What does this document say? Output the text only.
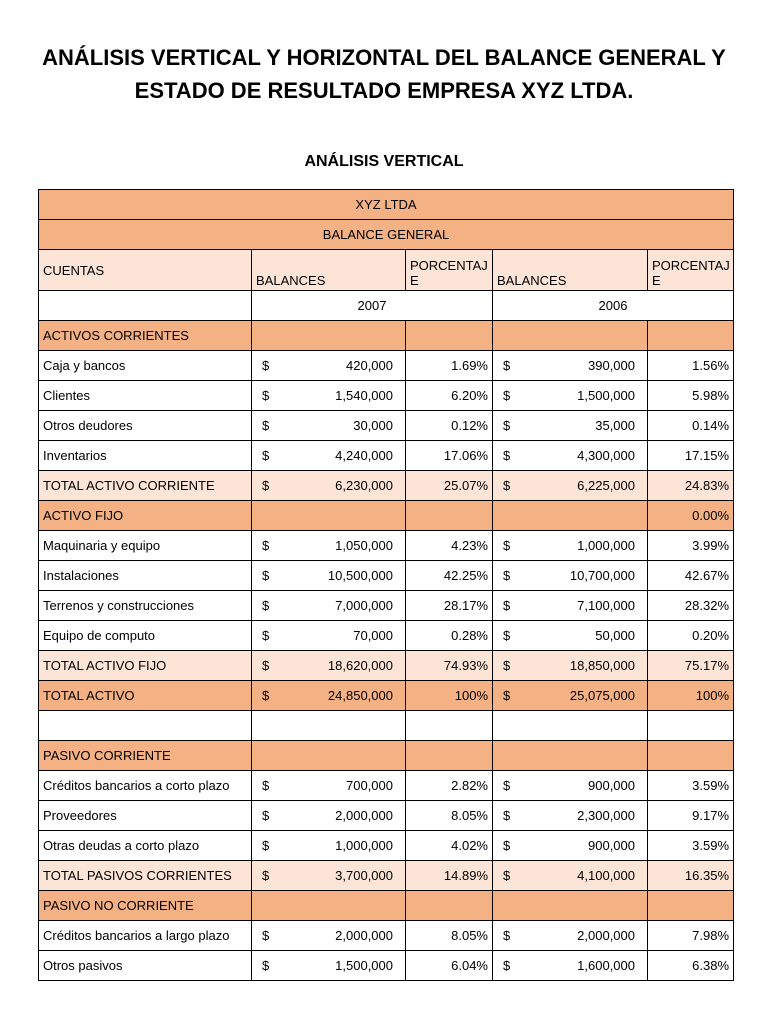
ANÁLISIS VERTICAL Y HORIZONTAL DEL BALANCE GENERAL Y ESTADO DE RESULTADO EMPRESA XYZ LTDA.
ANÁLISIS VERTICAL
XYZ LTDA				
BALANCE GENERAL				
CUENTAS	BALANCES	PORCENTAJ E	BALANCES	PORCENTAJ E
	2007		2006	
ACTIVOS CORRIENTES	

Caja y bancos	$ 420,000	1.69%	$ 390,000	1.56%
Clientes	$ 1,540,000	6.20%	$ 1,500,000	5.98%
Otros deudores	$ 30,000	0.12%	$ 35,000	0.14%
Inventarios	$ 4,240,000	17.06%	$ 4,300,000	17.15%
TOTAL ACTIVO CORRIENTE	$ 6,230,000	25.07%	$ 6,225,000	24.83%
ACTIVO FIJO				0.00%
Maquinaria y equipo	$ 1,050,000	4.23%	$ 1,000,000	3.99%
Instalaciones	$ 10,500,000	42.25%	$ 10,700,000	42.67%
Terrenos y construcciones	$ 7,000,000	28.17%	$ 7,100,000	28.32%
Equipo de computo	$ 70,000	0.28%	$ 50,000	0.20%
TOTAL ACTIVO FIJO	$ 18,620,000	74.93%	$ 18,850,000	75.17%
TOTAL ACTIVO	$ 24,850,000	100%	$ 25,075,000	100%

PASIVO CORRIENTE	

Créditos bancarios a corto plazo	$ 700,000	2.82%	$ 900,000	3.59%
Proveedores	$ 2,000,000	8.05%	$ 2,300,000	9.17%
Otras deudas a corto plazo	$ 1,000,000	4.02%	$ 900,000	3.59%
TOTAL PASIVOS CORRIENTES	$ 3,700,000	14.89%	$ 4,100,000	16.35%
PASIVO NO CORRIENTE	

Créditos bancarios a largo plazo	$ 2,000,000	8.05%	$ 2,000,000	7.98%
Otros pasivos	$ 1,500,000	6.04%	$ 1,600,000	6.38%
